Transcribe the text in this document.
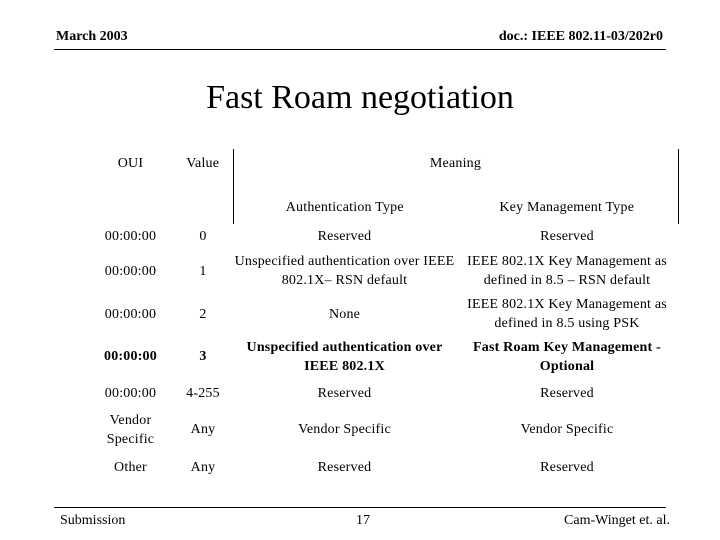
March 2003	doc.: IEEE 802.11-03/202r0
Fast Roam negotiation
OUI	Value	Meaning	
		Authentication Type	Key Management Type
00:00:00	0	Reserved	Reserved
00:00:00	1	Unspecified authentication over IEEE 802.1X– RSN default	IEEE 802.1X Key Management as defined in 8.5 – RSN default
00:00:00	2	None	IEEE 802.1X Key Management as defined in 8.5 using PSK
00:00:00	3	Unspecified authentication over IEEE 802.1X	Fast Roam Key Management - Optional
00:00:00	4-255	Reserved	Reserved
Vendor Specific	Any	Vendor Specific	Vendor Specific
Other	Any	Reserved	Reserved
Submission	17	Cam-Winget et. al.
